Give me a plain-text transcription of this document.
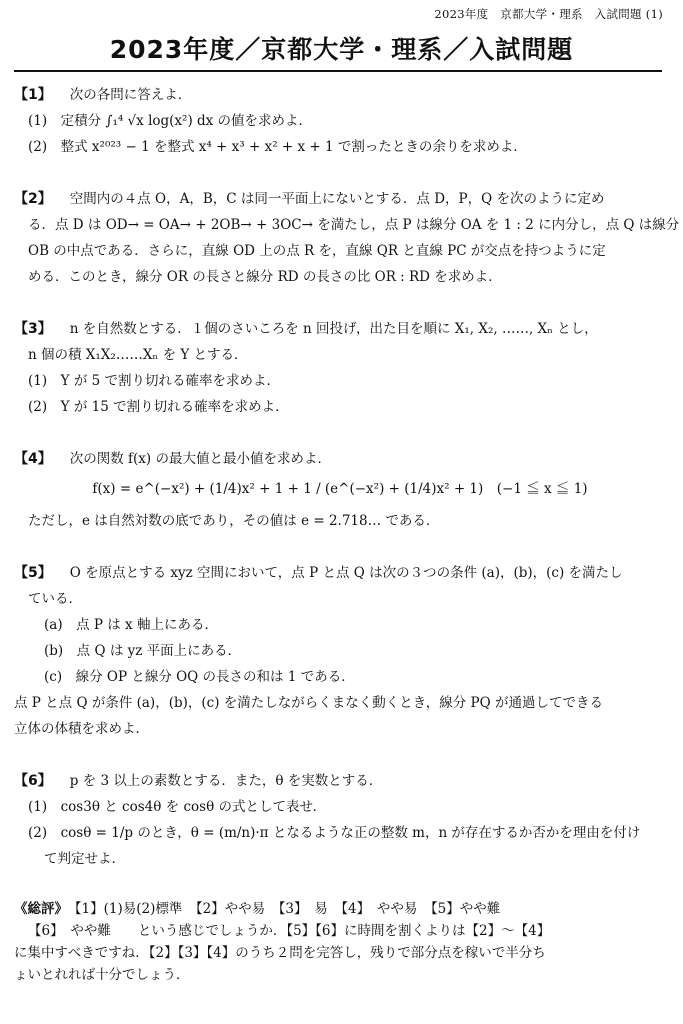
2023年度　京都大学・理系　入試問題 (1)
2023年度／京都大学・理系／入試問題
【1】 次の各問に答えよ．
(1)　定積分 ∫₁⁴ √x log(x²) dx の値を求めよ．
(2)　整式 x²⁰²³ − 1 を整式 x⁴ + x³ + x² + x + 1 で割ったときの余りを求めよ．
【2】 空間内の４点 O，A，B，C は同一平面上にないとする．点 D，P，Q を次のように定め
る．点 D は OD→ = OA→ + 2OB→ + 3OC→ を満たし，点 P は線分 OA を 1 : 2 に内分し，点 Q は線分
OB の中点である．さらに，直線 OD 上の点 R を，直線 QR と直線 PC が交点を持つように定
める．このとき，線分 OR の長さと線分 RD の長さの比 OR : RD を求めよ．
【3】 n を自然数とする．１個のさいころを n 回投げ，出た目を順に X₁, X₂, ……, Xₙ とし，
n 個の積 X₁X₂……Xₙ を Y とする．
(1)　Y が 5 で割り切れる確率を求めよ．
(2)　Y が 15 で割り切れる確率を求めよ．
【4】 次の関数 f(x) の最大値と最小値を求めよ．
f(x) = e^(−x²) + (1/4)x² + 1 + 1 / (e^(−x²) + (1/4)x² + 1)　(−1 ≦ x ≦ 1)
ただし，e は自然対数の底であり，その値は e = 2.718… である．
【5】 O を原点とする xyz 空間において，点 P と点 Q は次の３つの条件 (a)，(b)，(c) を満たし
ている．
(a)　点 P は x 軸上にある．
(b)　点 Q は yz 平面上にある．
(c)　線分 OP と線分 OQ の長さの和は 1 である．
点 P と点 Q が条件 (a)，(b)，(c) を満たしながらくまなく動くとき，線分 PQ が通過してできる
立体の体積を求めよ．
【6】 p を 3 以上の素数とする．また，θ を実数とする．
(1)　cos3θ と cos4θ を cosθ の式として表せ．
(2)　cosθ = 1/p のとき，θ = (m/n)·π となるような正の整数 m，n が存在するか否かを理由を付け
て判定せよ．
《総評》　 【1】(1)易(2)標準　【2】やや易　【3】　易　【4】　やや易　【5】やや難
【6】　やや難　　という感じでしょうか．【5】【6】に時間を割くよりは【2】〜【4】
に集中すべきですね．【2】【3】【4】のうち２問を完答し，残りで部分点を稼いで半分ち
ょいとれれば十分でしょう．
